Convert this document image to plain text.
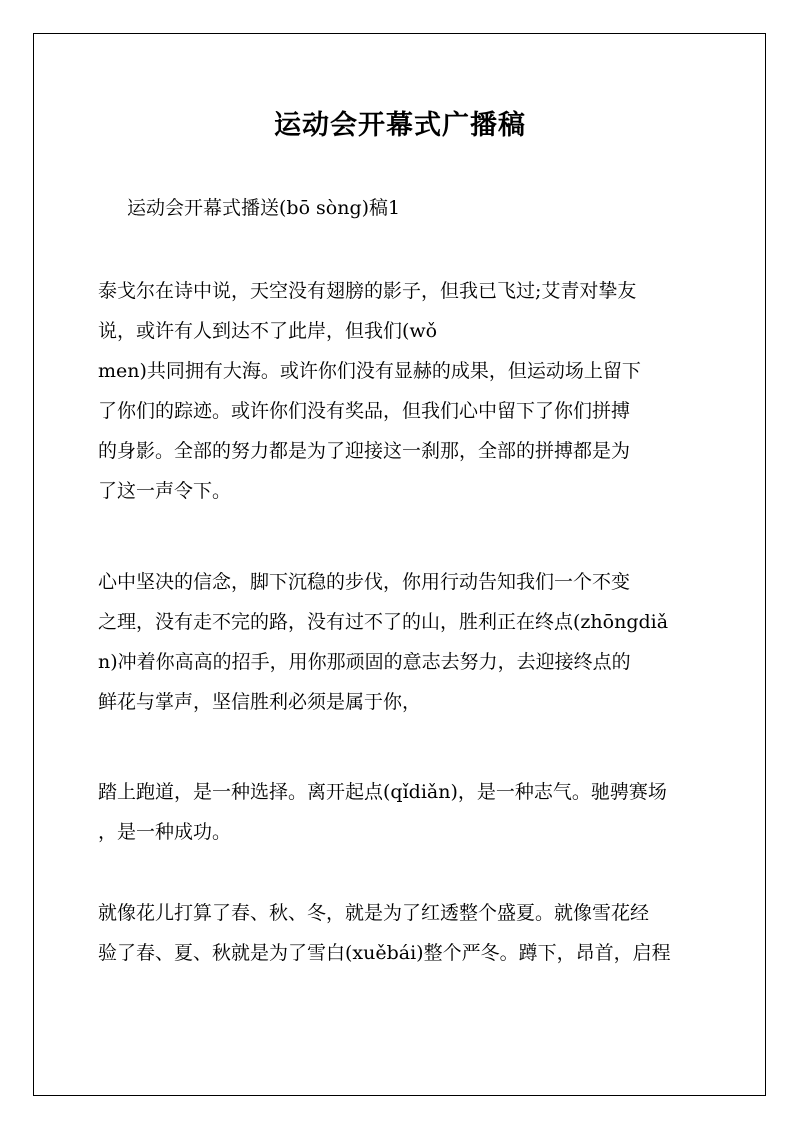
运动会开幕式广播稿
运动会开幕式播送(bō sòng)稿1
泰戈尔在诗中说，天空没有翅膀的影子，但我已飞过;艾青对挚友
说，或许有人到达不了此岸，但我们(wǒ
men)共同拥有大海。或许你们没有显赫的成果，但运动场上留下
了你们的踪迹。或许你们没有奖品，但我们心中留下了你们拼搏
的身影。全部的努力都是为了迎接这一刹那，全部的拼搏都是为
了这一声令下。
心中坚决的信念，脚下沉稳的步伐，你用行动告知我们一个不变
之理，没有走不完的路，没有过不了的山，胜利正在终点(zhōngdiǎ
n)冲着你高高的招手，用你那顽固的意志去努力，去迎接终点的
鲜花与掌声，坚信胜利必须是属于你，
踏上跑道，是一种选择。离开起点(qǐdiǎn)，是一种志气。驰骋赛场
，是一种成功。
就像花儿打算了春、秋、冬，就是为了红透整个盛夏。就像雪花经
验了春、夏、秋就是为了雪白(xuěbái)整个严冬。蹲下，昂首，启程
